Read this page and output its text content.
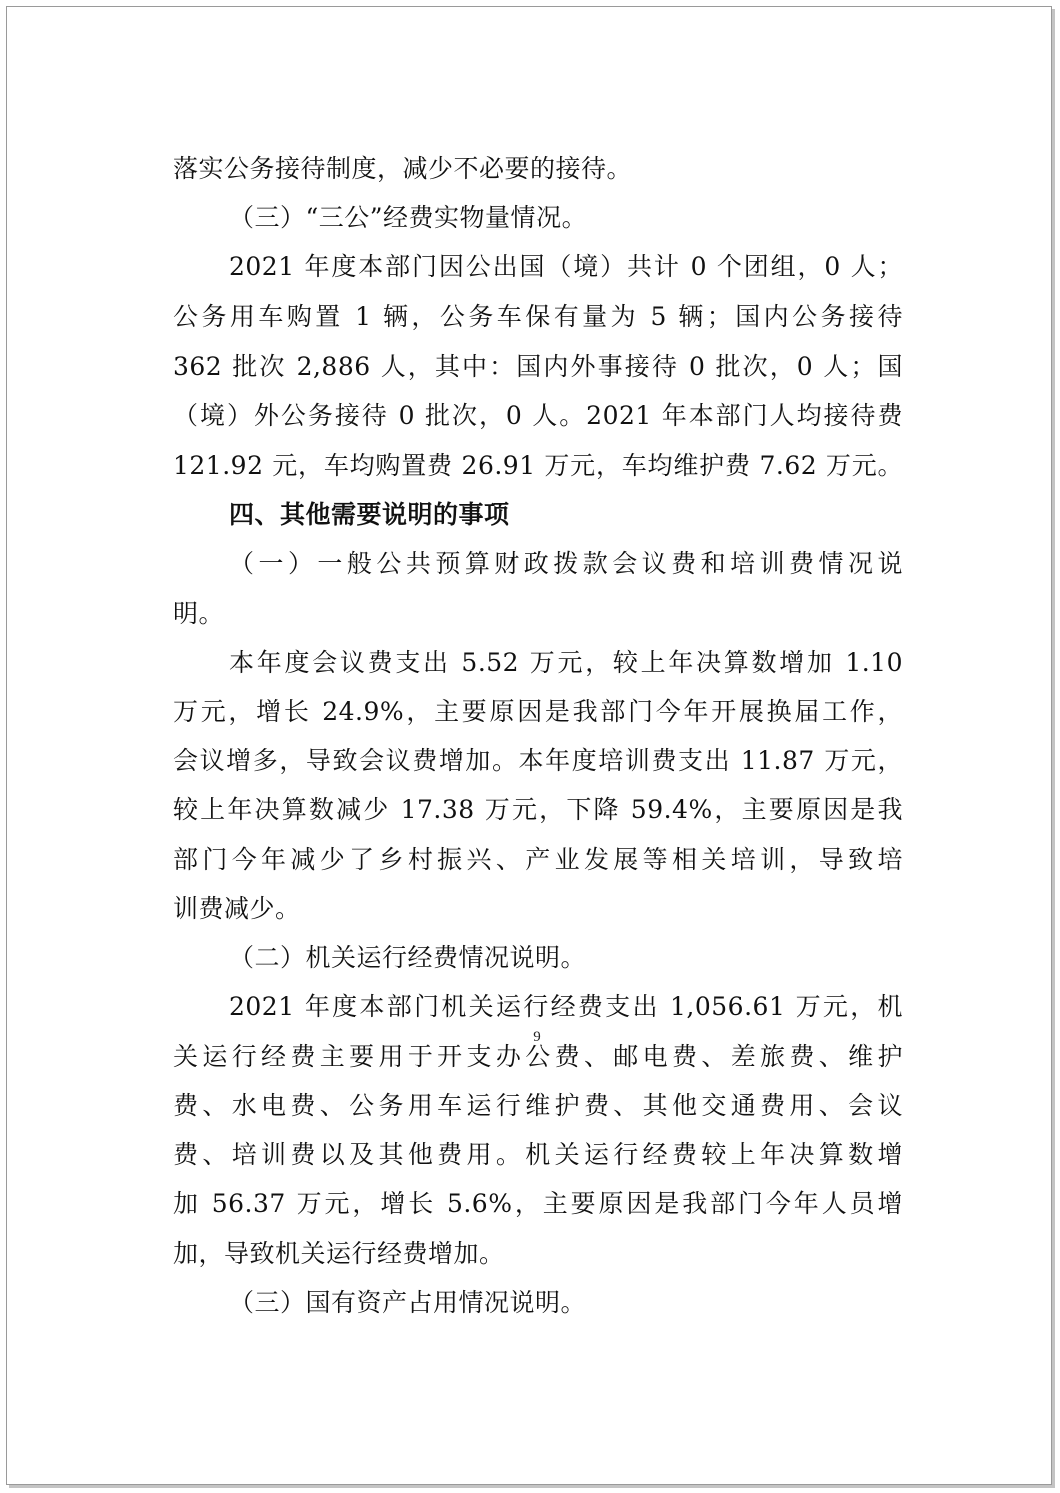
落实公务接待制度，减少不必要的接待。
（三）“三公”经费实物量情况。
2021 年度本部门因公出国（境）共计 0 个团组，0 人；
公务用车购置 1 辆，公务车保有量为 5 辆；国内公务接待
362 批次 2,886 人，其中：国内外事接待 0 批次，0 人；国
（境）外公务接待 0 批次，0 人。2021 年本部门人均接待费
121.92 元，车均购置费 26.91 万元，车均维护费 7.62 万元。
四、其他需要说明的事项
（一）一般公共预算财政拨款会议费和培训费情况说
明。
本年度会议费支出 5.52 万元，较上年决算数增加 1.10
万元，增长 24.9%，主要原因是我部门今年开展换届工作，
会议增多，导致会议费增加。本年度培训费支出 11.87 万元，
较上年决算数减少 17.38 万元，下降 59.4%，主要原因是我
部门今年减少了乡村振兴、产业发展等相关培训，导致培
训费减少。
（二）机关运行经费情况说明。
2021 年度本部门机关运行经费支出 1,056.61 万元，机
关运行经费主要用于开支办公费、邮电费、差旅费、维护
费、水电费、公务用车运行维护费、其他交通费用、会议
费、培训费以及其他费用。机关运行经费较上年决算数增
加 56.37 万元，增长 5.6%，主要原因是我部门今年人员增
加，导致机关运行经费增加。
（三）国有资产占用情况说明。
9
